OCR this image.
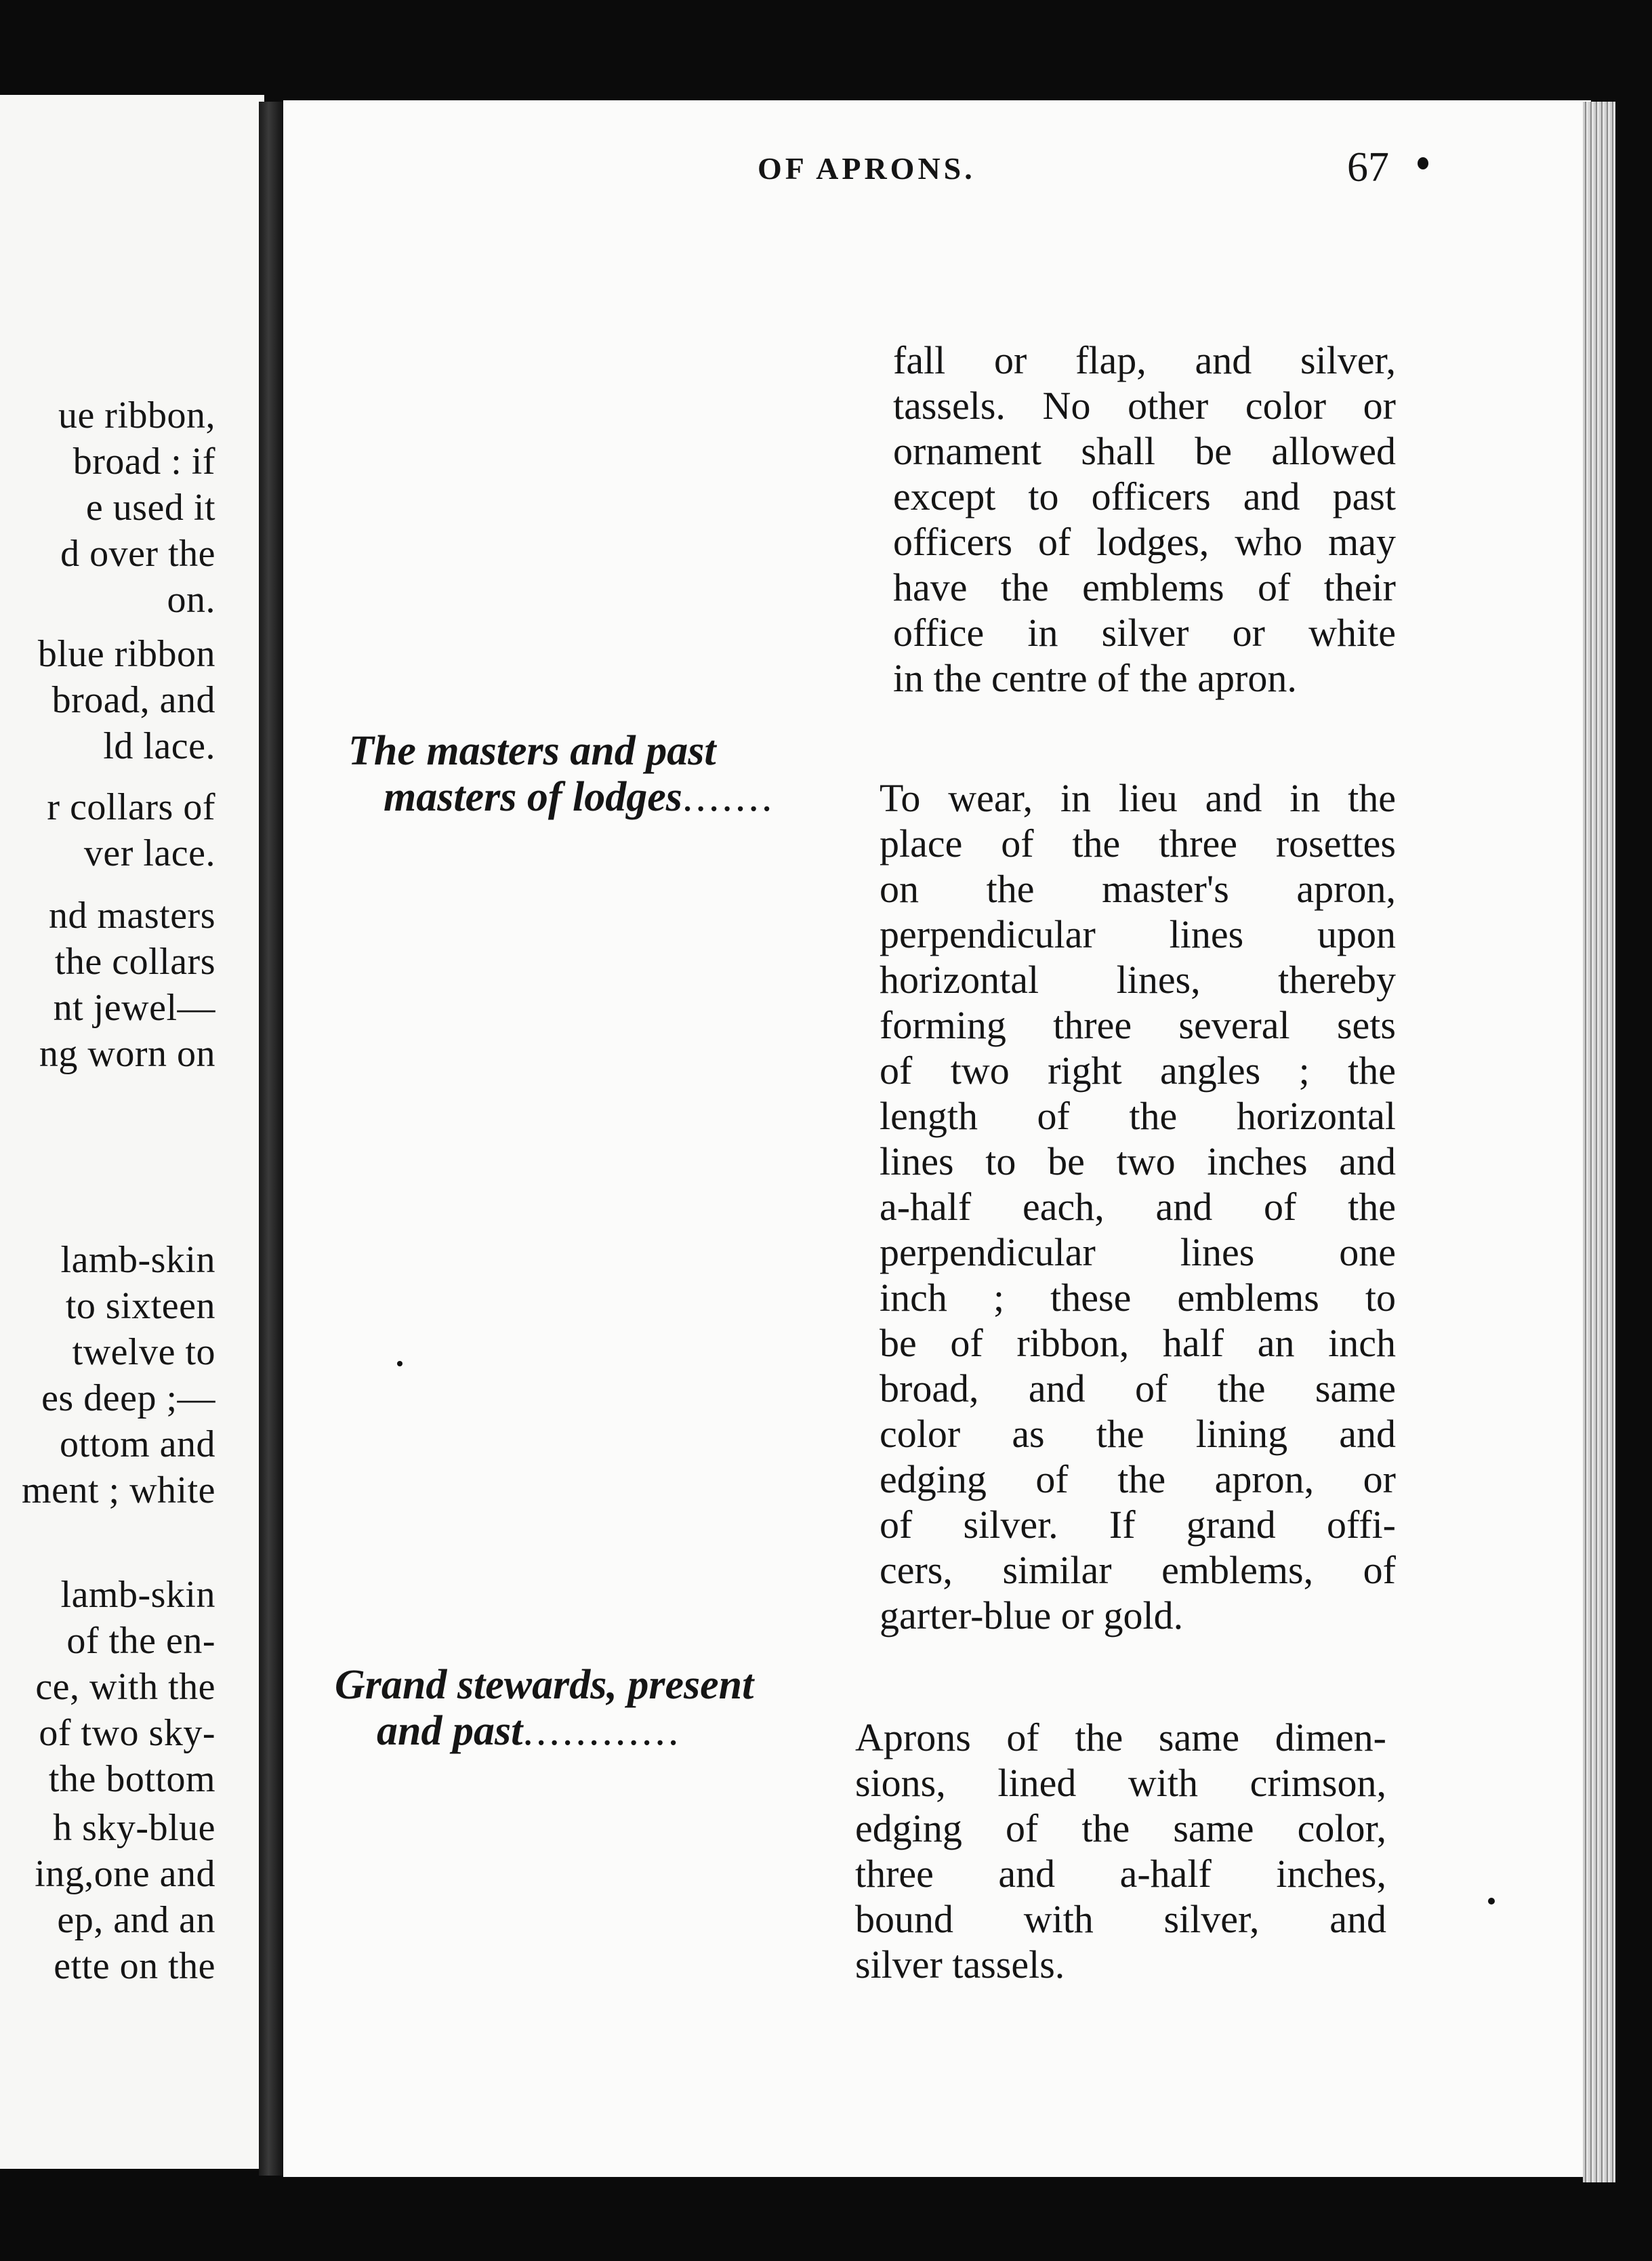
ue ribbon,
broad : if
e used it
d over the
on.
blue ribbon
broad, and
ld lace.
r collars of
ver lace.
nd masters
the collars
nt jewel—
ng worn on
lamb-skin
to sixteen
twelve to
es deep ;—
ottom and
ment ; white
lamb-skin
of the en-
ce, with the
of two sky-
the bottom
h sky-blue
ing,one and
ep, and an
ette on the
OF APRONS.	67
fall or flap, and silver,
tassels. No other color or
ornament shall be allowed
except to officers and past
officers of lodges, who may
have the emblems of their
office in silver or white
in the centre of the apron.
The masters and past
masters of lodges.......	To wear, in lieu and in the
place of the three rosettes
on the master's apron,
perpendicular lines upon
horizontal lines, thereby
forming three several sets
of two right angles ; the
length of the horizontal
lines to be two inches and
a-half each, and of the
perpendicular lines one
inch ; these emblems to
be of ribbon, half an inch
broad, and of the same
color as the lining and
edging of the apron, or
of silver. If grand offi-
cers, similar emblems, of
garter-blue or gold.
Grand stewards, present
and past............	Aprons of the same dimen-
sions, lined with crimson,
edging of the same color,
three and a-half inches,
bound with silver, and
silver tassels.
